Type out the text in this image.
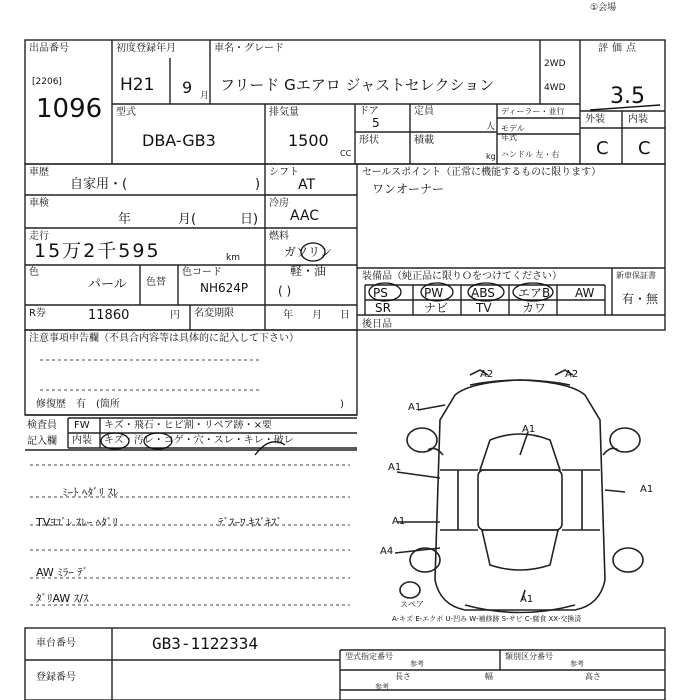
①会場
出品番号
[2206]
1096
初度登録年月
H21 9 月
車名・グレード
フリード Gエアロ ジャストセレクション
2WD
4WD
評価点
3.5
外装 内装
C C
型式
DBA-GB3
排気量
1500
CC
ドア
5
定員
人
形状	積載
kg
ディーラー・並行
モデル年式
ハンドル 左・右
車歴
自家用・(	)
シフト
AT
セールスポイント（正常に機能するものに限ります）
ワンオーナー
車検
年	月(	日)
冷房
AAC
走行
15万2千595	km
燃料
ガソリン
軽・油
( )
色
パール 色替
色コード
NH624P
装備品（純正品に限りＯをつけてください）
PS	PW ABS エアB AW
SR	ナビ TV	カワ
新車保証書
有・無
R券	11860	円 名変期限	年 月 日
後日品
注意事項申告欄（不具合内容等は具体的に記入して下さい）
修復歴　有　(箇所	)
検査員
記入欄
FW キズ・飛石・ヒビ割・リペア跡・×要
内装 キズ・汚レ・コゲ・穴・スレ・キレ・破レ
ﾐｰﾄ ﾍﾀﾞﾘ ｽﾚ
TVﾖｺﾞﾚ ｽﾚｰ ﾍﾀﾞﾘ	ﾃﾞｽｰﾜ ｷｽﾞｷｽﾞ
AW ﾐﾗｰ ﾃﾞ
ﾀﾞﾘAW ｽ/ｽ
A2	A2
A1
A1
A1
A1
A1
A1
A4
スペア
A-キズ E-エクボ U-凹み W-補修跡 S-サビ C-腐食 XX-交換済
車台番号	GB3-1122334
登録番号
型式指定番号
参考
類別区分番号
参考
長さ	幅	高さ
参考
